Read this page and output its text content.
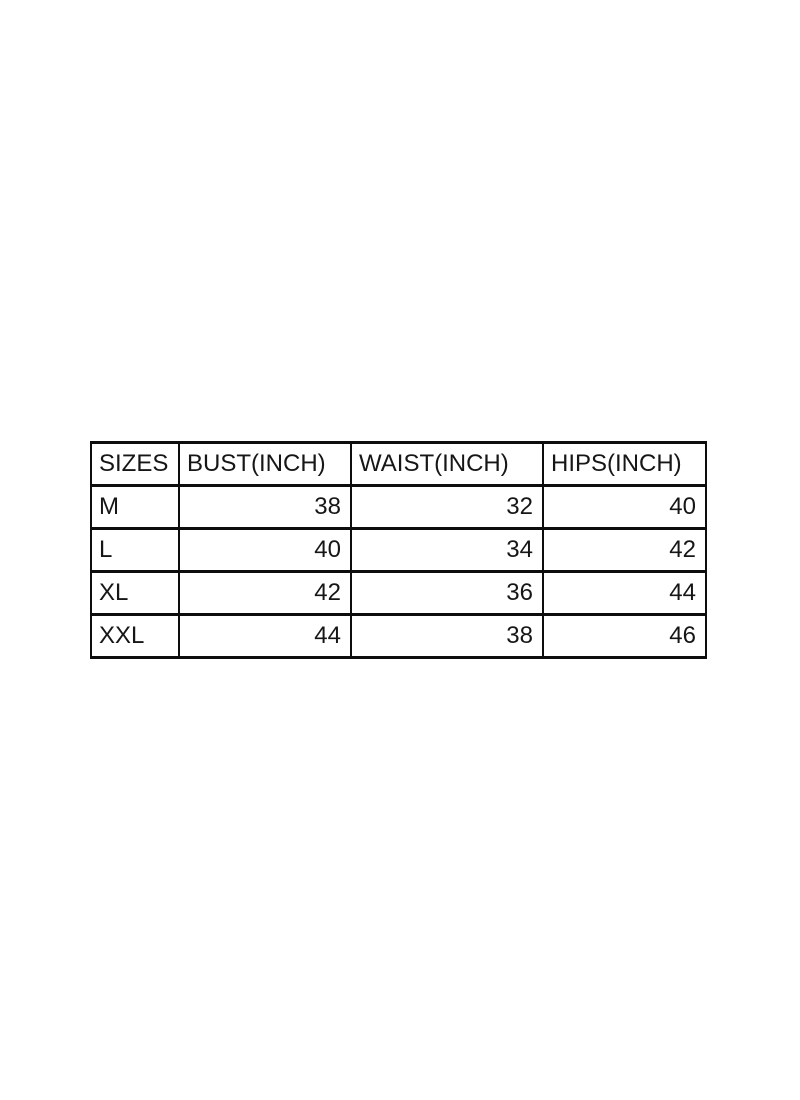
SIZES	BUST(INCH)	WAIST(INCH)	HIPS(INCH)
M	38	32	40
L	40	34	42
XL	42	36	44
XXL	44	38	46
